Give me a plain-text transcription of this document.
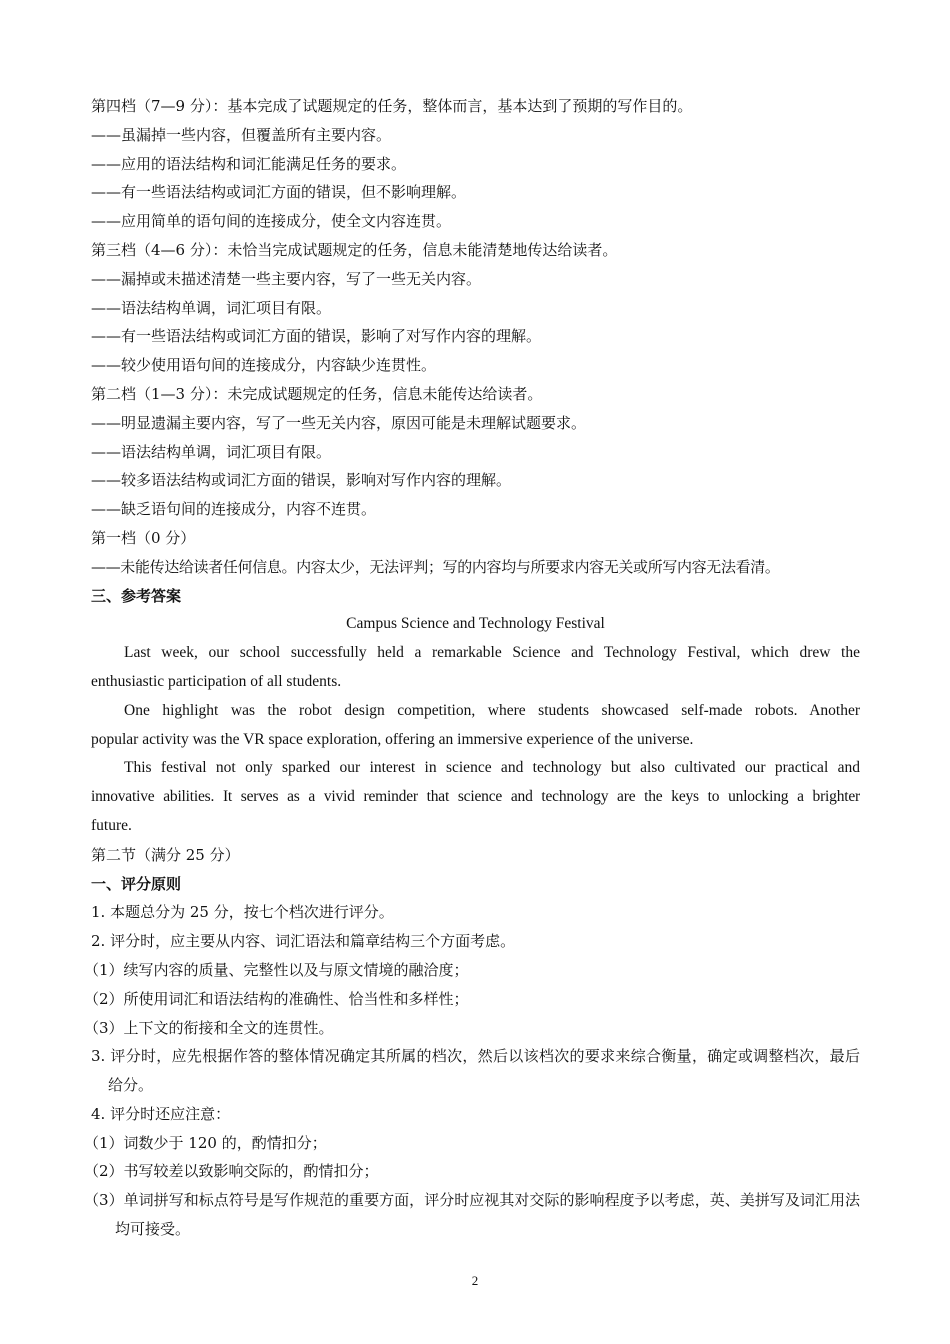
第四档（7—9 分）：基本完成了试题规定的任务，整体而言，基本达到了预期的写作目的。
——虽漏掉一些内容，但覆盖所有主要内容。
——应用的语法结构和词汇能满足任务的要求。
——有一些语法结构或词汇方面的错误，但不影响理解。
——应用简单的语句间的连接成分，使全文内容连贯。
第三档（4—6 分）：未恰当完成试题规定的任务，信息未能清楚地传达给读者。
——漏掉或未描述清楚一些主要内容，写了一些无关内容。
——语法结构单调，词汇项目有限。
——有一些语法结构或词汇方面的错误，影响了对写作内容的理解。
——较少使用语句间的连接成分，内容缺少连贯性。
第二档（1—3 分）：未完成试题规定的任务，信息未能传达给读者。
——明显遗漏主要内容，写了一些无关内容，原因可能是未理解试题要求。
——语法结构单调，词汇项目有限。
——较多语法结构或词汇方面的错误，影响对写作内容的理解。
——缺乏语句间的连接成分，内容不连贯。
第一档（0 分）
——未能传达给读者任何信息。内容太少，无法评判；写的内容均与所要求内容无关或所写内容无法看清。
三、参考答案
Campus Science and Technology Festival
Last week, our school successfully held a remarkable Science and Technology Festival, which drew the
enthusiastic participation of all students.
One highlight was the robot design competition, where students showcased self-made robots. Another
popular activity was the VR space exploration, offering an immersive experience of the universe.
This festival not only sparked our interest in science and technology but also cultivated our practical and
innovative abilities. It serves as a vivid reminder that science and technology are the keys to unlocking a brighter
future.
第二节（满分 25 分）
一、评分原则
1. 本题总分为 25 分，按七个档次进行评分。
2. 评分时，应主要从内容、词汇语法和篇章结构三个方面考虑。
（1）续写内容的质量、完整性以及与原文情境的融洽度；
（2）所使用词汇和语法结构的准确性、恰当性和多样性；
（3）上下文的衔接和全文的连贯性。
3. 评分时，应先根据作答的整体情况确定其所属的档次，然后以该档次的要求来综合衡量，确定或调整档次，最后给分。
4. 评分时还应注意：
（1）词数少于 120 的，酌情扣分；
（2）书写较差以致影响交际的，酌情扣分；
（3）单词拼写和标点符号是写作规范的重要方面，评分时应视其对交际的影响程度予以考虑，英、美拼写及词汇用法均可接受。
2
